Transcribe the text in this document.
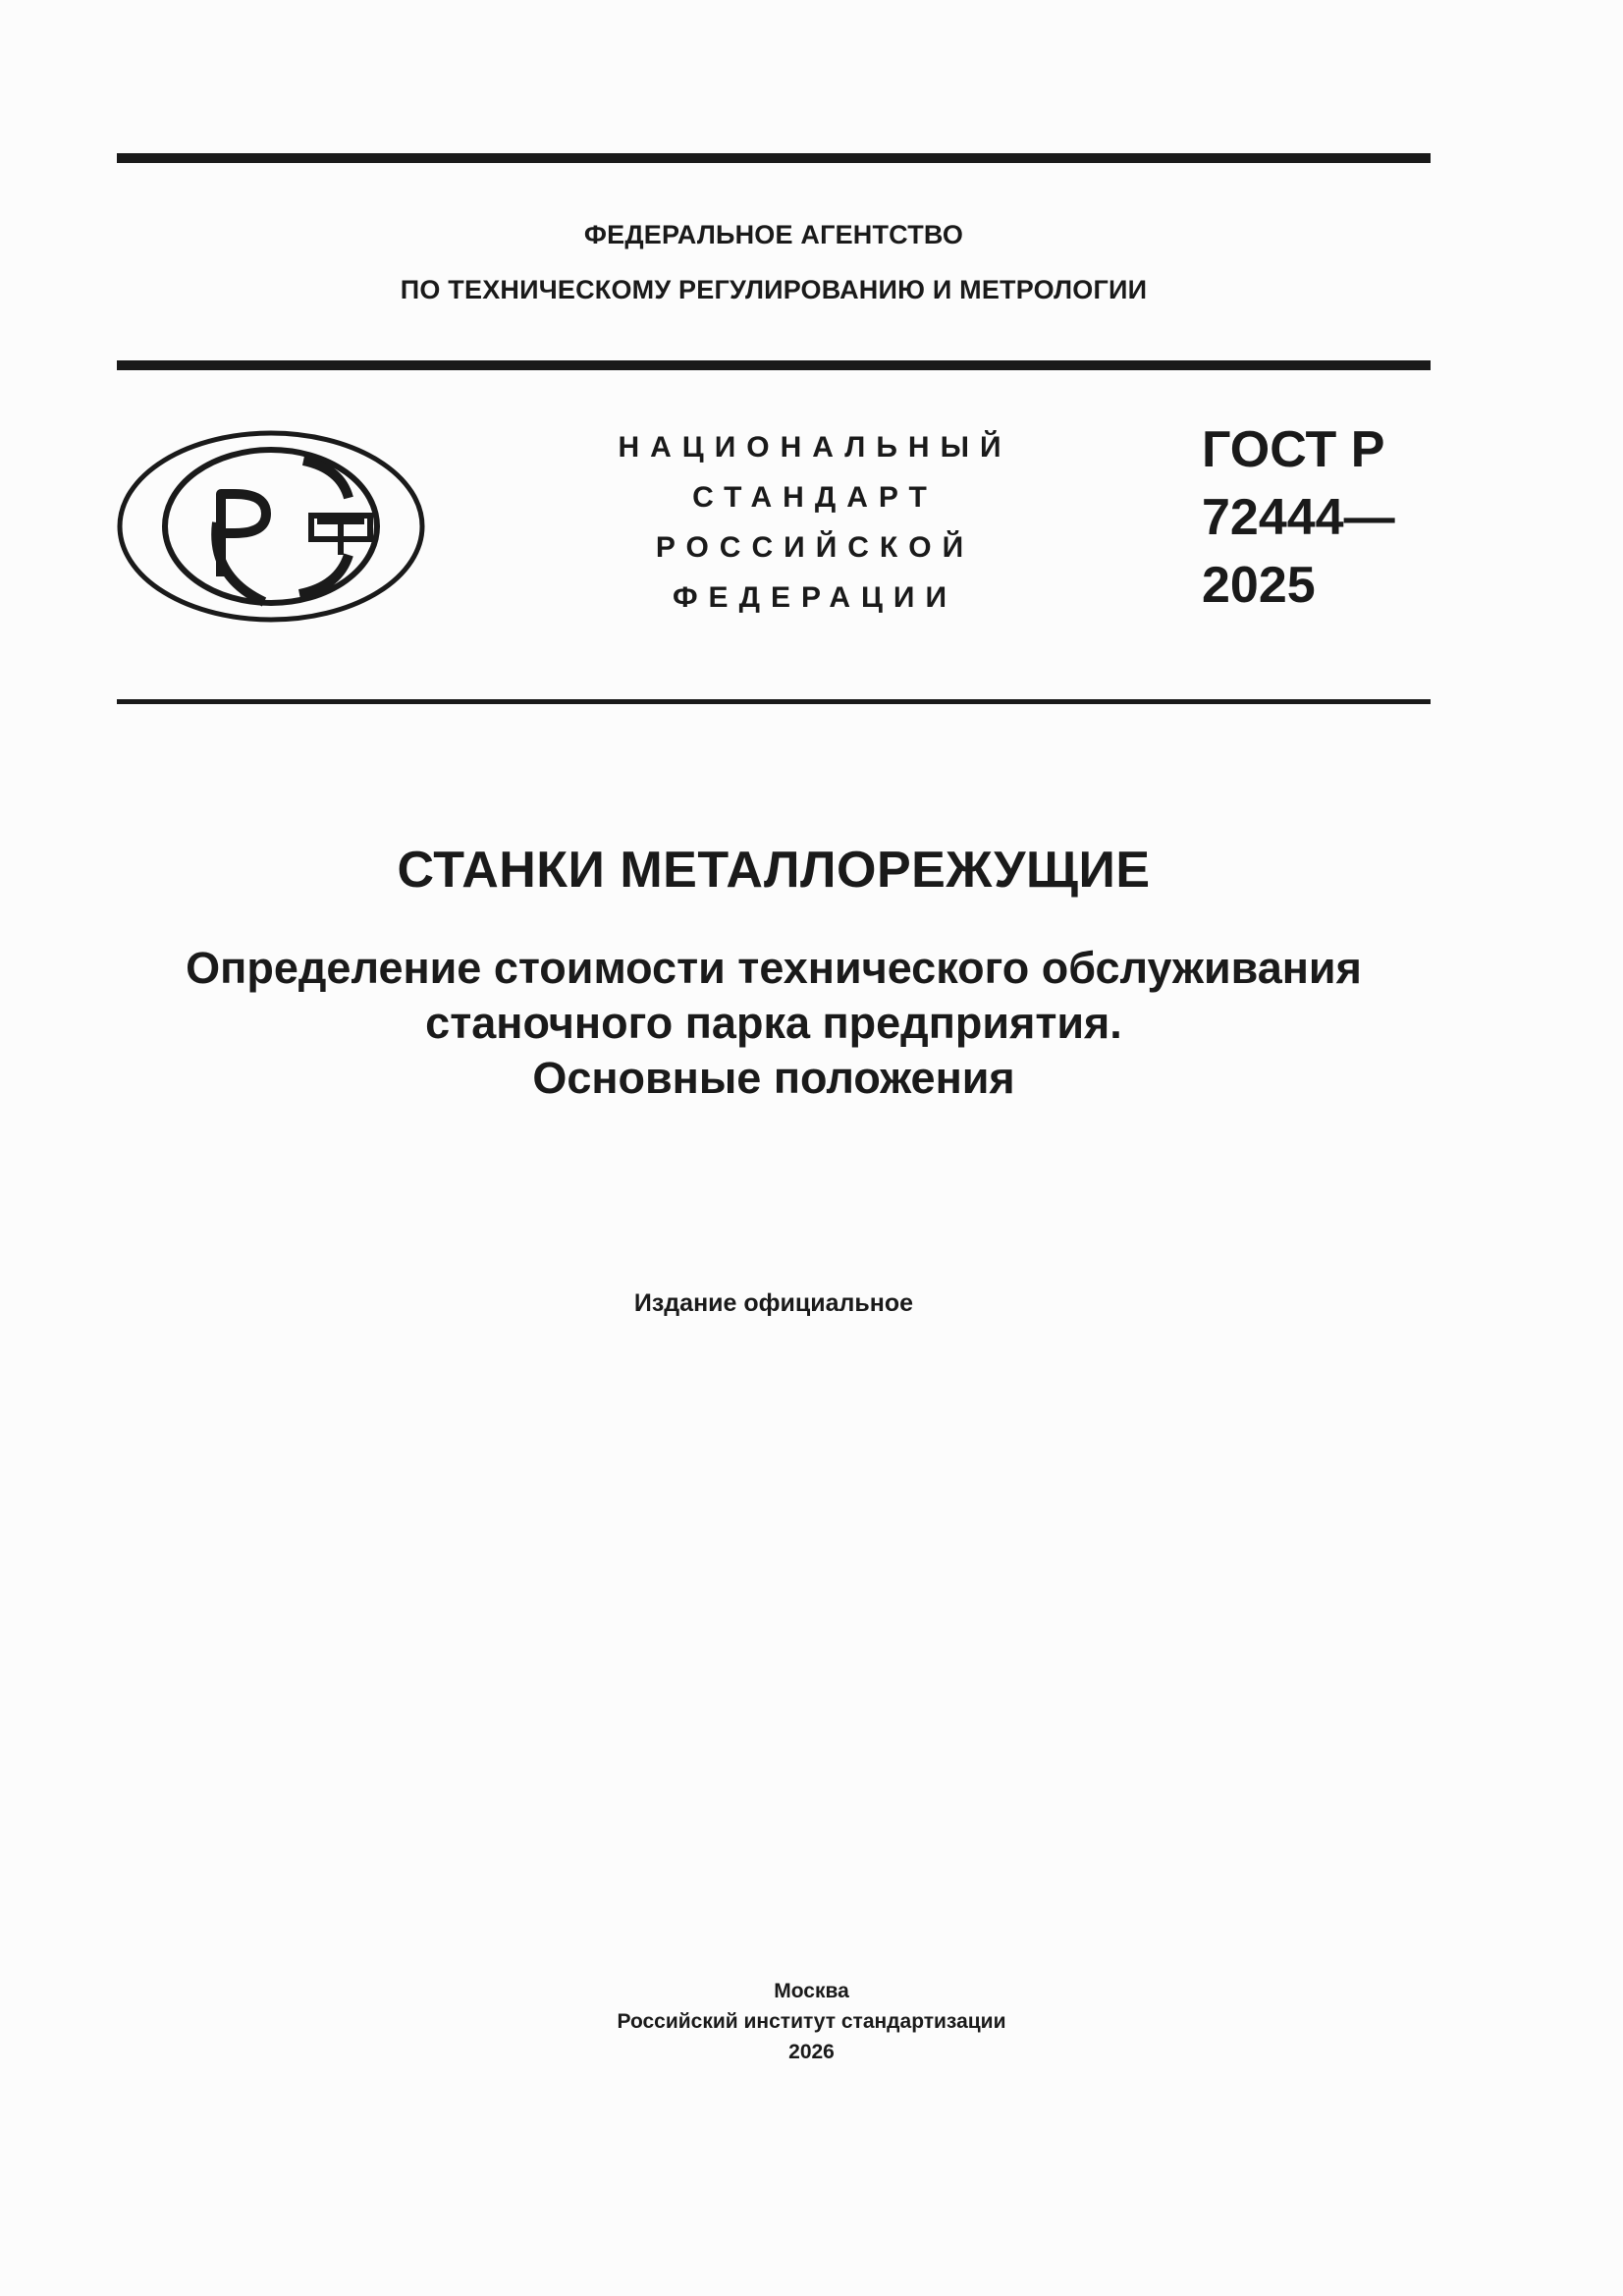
ФЕДЕРАЛЬНОЕ АГЕНТСТВО
ПО ТЕХНИЧЕСКОМУ РЕГУЛИРОВАНИЮ И МЕТРОЛОГИИ
НАЦИОНАЛЬНЫЙ
СТАНДАРТ
РОССИЙСКОЙ
ФЕДЕРАЦИИ
ГОСТ Р
72444—
2025
СТАНКИ МЕТАЛЛОРЕЖУЩИЕ
Определение стоимости технического обслуживания
станочного парка предприятия.
Основные положения
Издание официальное
Москва
Российский институт стандартизации
2026
